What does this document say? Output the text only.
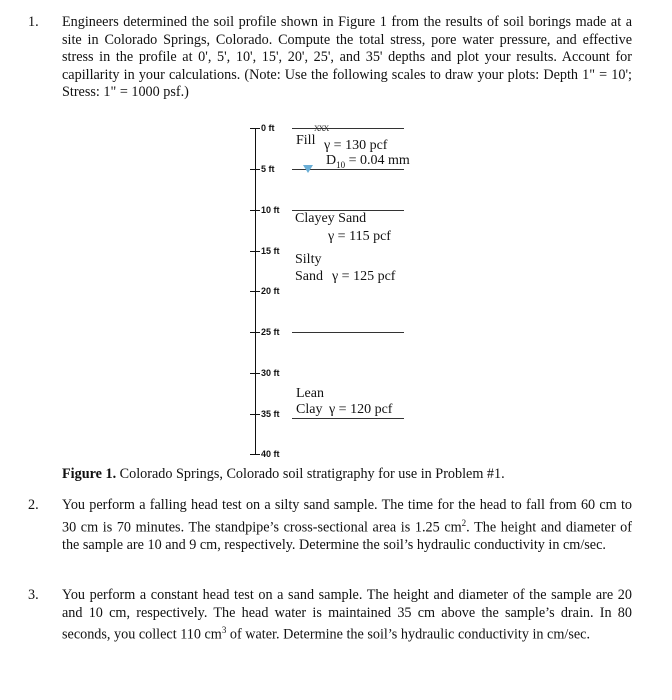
1. Engineers determined the soil profile shown in Figure 1 from the results of soil borings made at a site in Colorado Springs, Colorado. Compute the total stress, pore water pressure, and effective stress in the profile at 0', 5', 10', 15', 20', 25', and 35' depths and plot your results. Account for capillarity in your calculations. (Note: Use the following scales to draw your plots: Depth 1" = 10'; Stress: 1" = 1000 psf.)
0 ft
5 ft
10 ft
15 ft
20 ft
25 ft
30 ft
35 ft
40 ft
XXX
Fill γ = 130 pcf
$D_{10} = 0.04$ mm
Clayey Sand
γ = 115 pcf
Silty
Sand γ = 125 pcf
Lean
Clay γ = 120 pcf
Figure 1. Colorado Springs, Colorado soil stratigraphy for use in Problem #1.
2. You perform a falling head test on a silty sand sample. The time for the head to fall from 60 cm to 30 cm is 70 minutes. The standpipe’s cross-sectional area is 1.25 $cm^2$. The height and diameter of the sample are 10 and 9 cm, respectively. Determine the soil’s hydraulic conductivity in cm/sec.
3. You perform a constant head test on a sand sample. The height and diameter of the sample are 20 and 10 cm, respectively. The head water is maintained 35 cm above the sample’s drain. In 80 seconds, you collect 110 $cm^3$ of water. Determine the soil’s hydraulic conductivity in cm/sec.
